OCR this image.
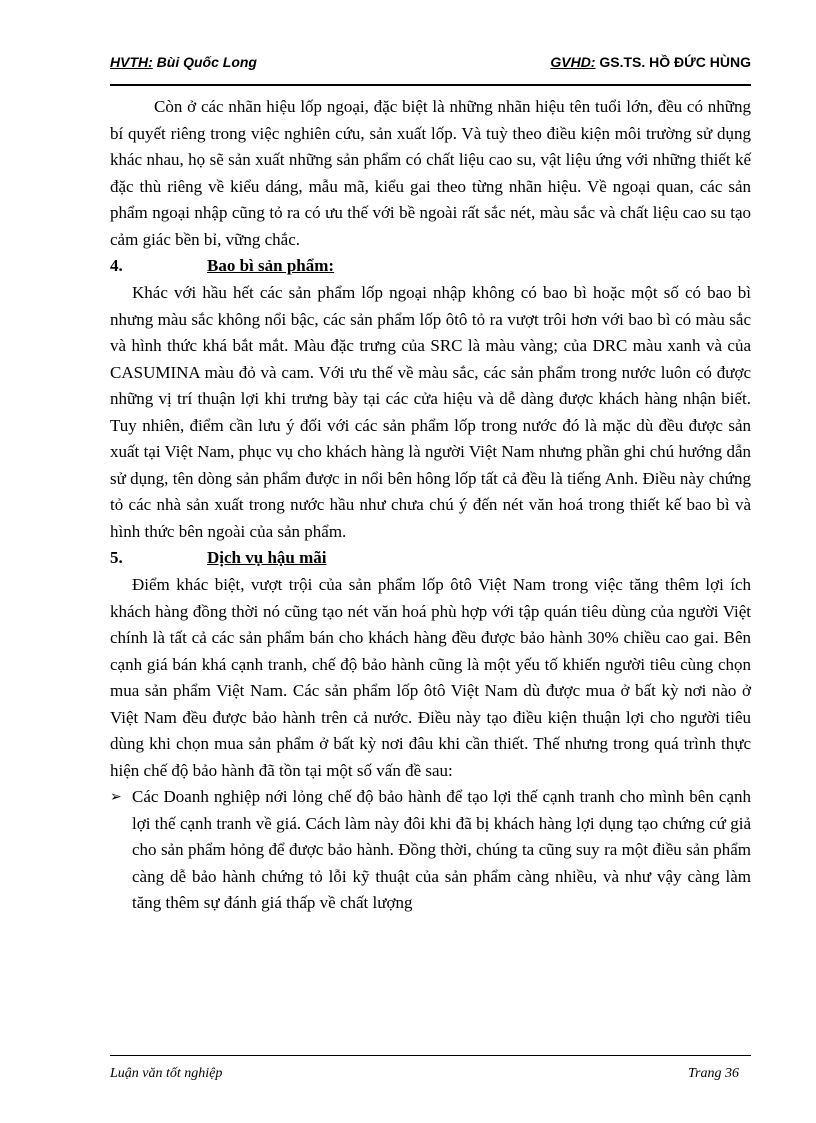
HVTH: Bùi Quốc Long	GVHD: GS.TS. HỒ ĐỨC HÙNG

Còn ở các nhãn hiệu lốp ngoại, đặc biệt là những nhãn hiệu tên tuổi lớn, đều có những bí quyết riêng trong việc nghiên cứu, sản xuất lốp. Và tuỳ theo điều kiện môi trường sử dụng khác nhau, họ sẽ sản xuất những sản phẩm có chất liệu cao su, vật liệu ứng với những thiết kế đặc thù riêng về kiểu dáng, mẫu mã, kiểu gai theo từng nhãn hiệu. Về ngoại quan, các sản phẩm ngoại nhập cũng tỏ ra có ưu thế với bề ngoài rất sắc nét, màu sắc và chất liệu cao su tạo cảm giác bền bỉ, vững chắc.

4.	Bao bì sản phẩm:

Khác với hầu hết các sản phẩm lốp ngoại nhập không có bao bì hoặc một số có bao bì nhưng màu sắc không nổi bậc, các sản phẩm lốp ôtô tỏ ra vượt trôi hơn với bao bì có màu sắc và hình thức khá bắt mắt. Màu đặc trưng của SRC là màu vàng; của DRC màu xanh và của CASUMINA màu đỏ và cam. Với ưu thế về màu sắc, các sản phẩm trong nước luôn có được những vị trí thuận lợi khi trưng bày tại các cửa hiệu và dễ dàng được khách hàng nhận biết. Tuy nhiên, điểm cần lưu ý đối với các sản phẩm lốp trong nước đó là mặc dù đều được sản xuất tại Việt Nam, phục vụ cho khách hàng là người Việt Nam nhưng phần ghi chú hướng dẫn sử dụng, tên dòng sản phẩm được in nổi bên hông lốp tất cả đều là tiếng Anh. Điều này chứng tỏ các nhà sản xuất trong nước hầu như chưa chú ý đến nét văn hoá trong thiết kế bao bì và hình thức bên ngoài của sản phẩm.

5.	Dịch vụ hậu mãi

Điểm khác biệt, vượt trội của sản phẩm lốp ôtô Việt Nam trong việc tăng thêm lợi ích khách hàng đồng thời nó cũng tạo nét văn hoá phù hợp với tập quán tiêu dùng của người Việt chính là tất cả các sản phẩm bán cho khách hàng đều được bảo hành 30% chiều cao gai. Bên cạnh giá bán khá cạnh tranh, chế độ bảo hành cũng là một yếu tố khiến người tiêu cùng chọn mua sản phẩm Việt Nam. Các sản phẩm lốp ôtô Việt Nam dù được mua ở bất kỳ nơi nào ở Việt Nam đều được bảo hành trên cả nước. Điều này tạo điều kiện thuận lợi cho người tiêu dùng khi chọn mua sản phẩm ở bất kỳ nơi đâu khi cần thiết. Thế nhưng trong quá trình thực hiện chế độ bảo hành đã tồn tại một số vấn đề sau:

➢ Các Doanh nghiệp nới lỏng chế độ bảo hành để tạo lợi thế cạnh tranh cho mình bên cạnh lợi thế cạnh tranh về giá. Cách làm này đôi khi đã bị khách hàng lợi dụng tạo chứng cứ giả cho sản phẩm hỏng để được bảo hành. Đồng thời, chúng ta cũng suy ra một điều sản phẩm càng dễ bảo hành chứng tỏ lỗi kỹ thuật của sản phẩm càng nhiều, và như vậy càng làm tăng thêm sự đánh giá thấp về chất lượng

Luận văn tốt nghiệp	Trang 36
